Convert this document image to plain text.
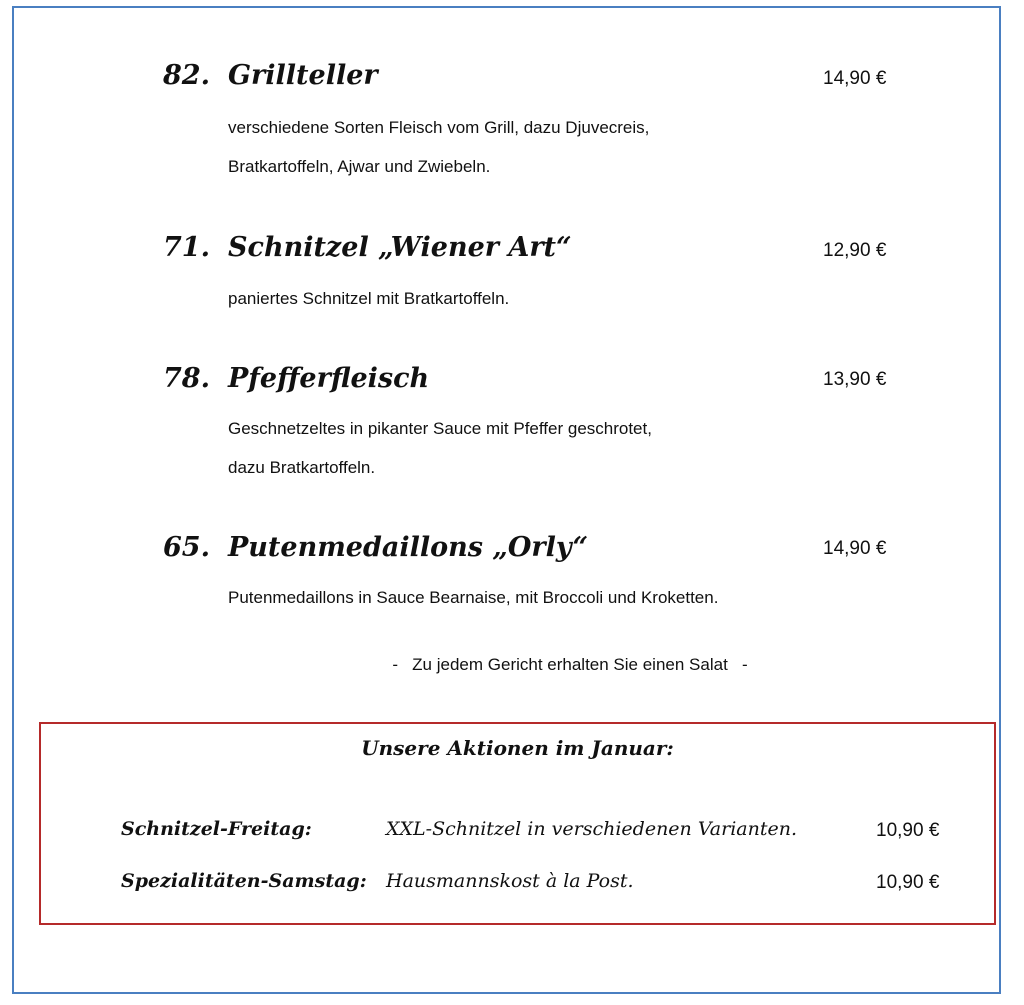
82. Grillteller	14,90 €
verschiedene Sorten Fleisch vom Grill, dazu Djuvecreis,
Bratkartoffeln, Ajwar und Zwiebeln.
71. Schnitzel „Wiener Art“	12,90 €
paniertes Schnitzel mit Bratkartoffeln.
78. Pfefferfleisch	13,90 €
Geschnetzeltes in pikanter Sauce mit Pfeffer geschrotet,
dazu Bratkartoffeln.
65. Putenmedaillons „Orly“	14,90 €
Putenmedaillons in Sauce Bearnaise, mit Broccoli und Kroketten.
-   Zu jedem Gericht erhalten Sie einen Salat   -
Unsere Aktionen im Januar:
Schnitzel-Freitag:	XXL-Schnitzel in verschiedenen Varianten.	10,90 €
Spezialitäten-Samstag: Hausmannskost à la Post.	10,90 €
